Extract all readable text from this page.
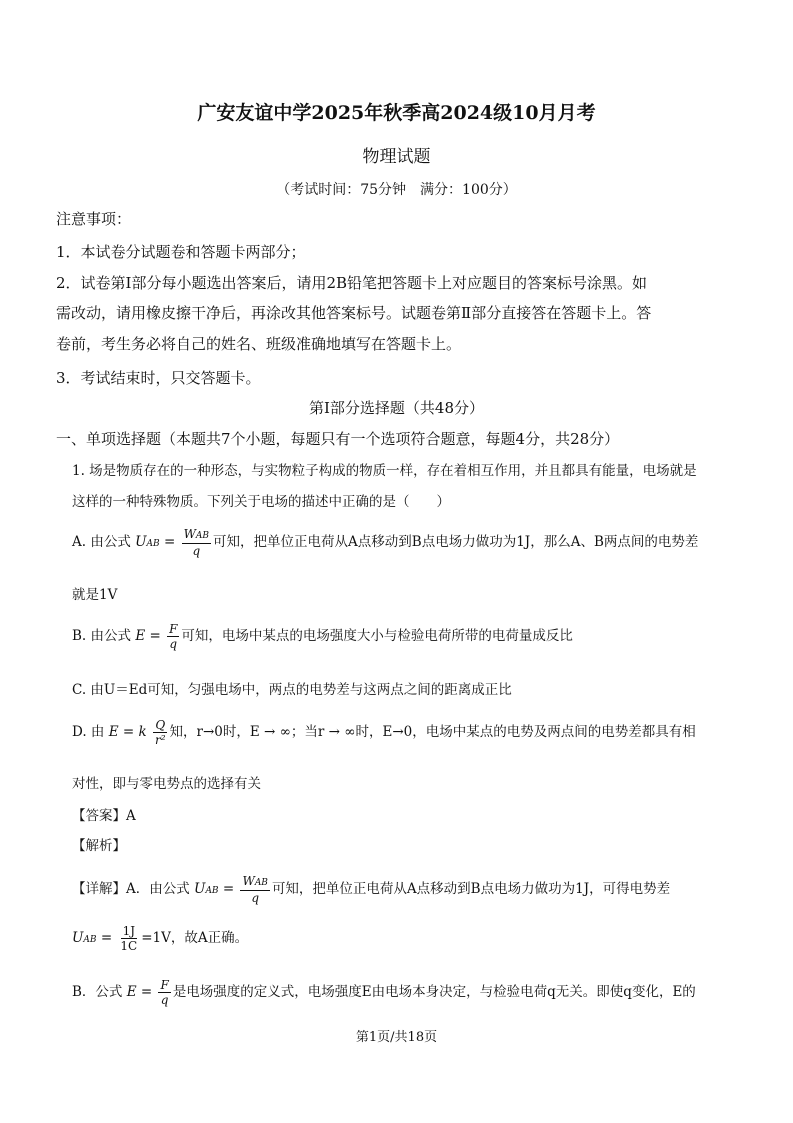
广安友谊中学2025年秋季高2024级10月月考
物理试题
（考试时间：75分钟　满分：100分）
注意事项：
1．本试卷分试题卷和答题卡两部分；
2．试卷第Ⅰ部分每小题选出答案后，请用2B铅笔把答题卡上对应题目的答案标号涂黑。如
需改动，请用橡皮擦干净后，再涂改其他答案标号。试题卷第Ⅱ部分直接答在答题卡上。答
卷前，考生务必将自己的姓名、班级准确地填写在答题卡上。
3．考试结束时，只交答题卡。
第Ⅰ部分选择题（共48分）
一、单项选择题（本题共7个小题，每题只有一个选项符合题意，每题4分，共28分）
1. 场是物质存在的一种形态，与实物粒子构成的物质一样，存在着相互作用，并且都具有能量，电场就是
这样的一种特殊物质。下列关于电场的描述中正确的是（　　）
A. 由公式 UAB = $\frac{\text{WAB}}{q}$ 可知，把单位正电荷从A点移动到B点电场力做功为1J，那么A、B两点间的电势差
就是1V
B. 由公式 $E = \frac{F}{q}$ 可知，电场中某点的电场强度大小与检验电荷所带的电荷量成反比
C. 由U＝Ed可知，匀强电场中，两点的电势差与这两点之间的距离成正比
D. 由 E = k $\frac{Q}{\text{r²}}$ 知，r→0时，E → ∞；当r → ∞时，E→0，电场中某点的电势及两点间的电势差都具有相
对性，即与零电势点的选择有关
【答案】A
【解析】
【详解】A．由公式 UAB = $\frac{\text{WAB}}{q}$ 可知，把单位正电荷从A点移动到B点电场力做功为1J，可得电势差
UAB = $\frac{1J}{1C} =1V$，故A正确。
B．公式 $E = \frac{F}{q}$ 是电场强度的定义式，电场强度E由电场本身决定，与检验电荷q无关。即使q变化，E的
第1页/共18页
